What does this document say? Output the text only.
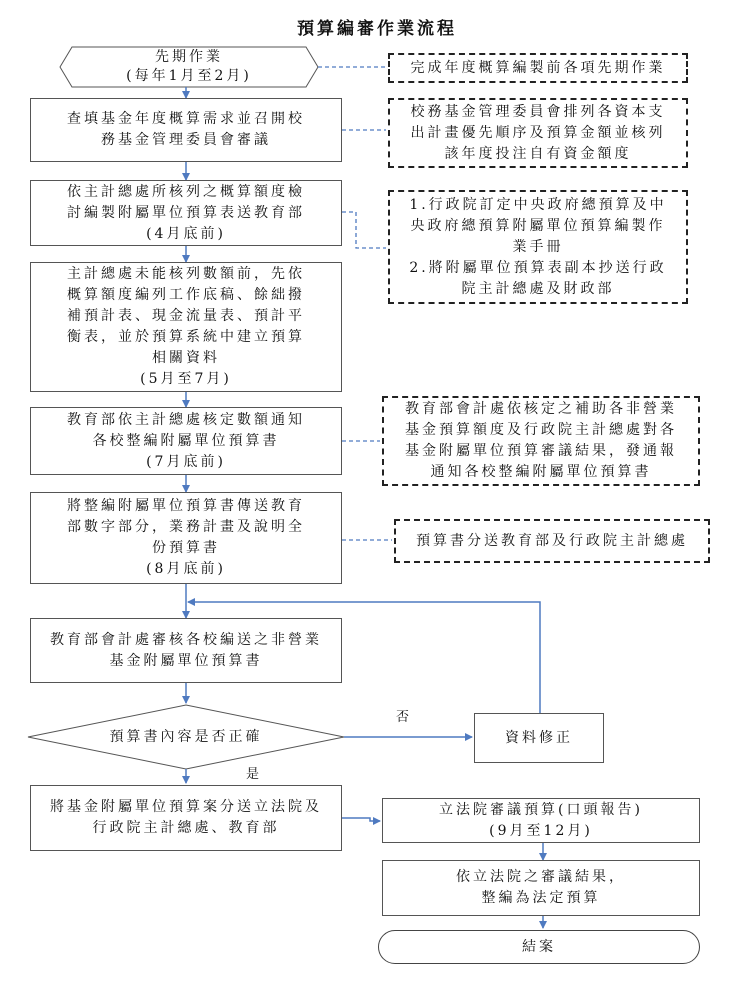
預算編審作業流程
先期作業
(每年1月至2月)
查填基金年度概算需求並召開校
務基金管理委員會審議
依主計總處所核列之概算額度檢
討編製附屬單位預算表送教育部
(4月底前)
主計總處未能核列數額前，先依
概算額度編列工作底稿、餘絀撥
補預計表、現金流量表、預計平
衡表，並於預算系統中建立預算
相關資料
(5月至7月)
教育部依主計總處核定數額通知
各校整編附屬單位預算書
(7月底前)
將整編附屬單位預算書傳送教育
部數字部分，業務計畫及說明全
份預算書
(8月底前)
教育部會計處審核各校編送之非營業
基金附屬單位預算書
預算書內容是否正確	資料修正
將基金附屬單位預算案分送立法院及
行政院主計總處、教育部
立法院審議預算(口頭報告)
(9月至12月)
依立法院之審議結果，
整編為法定預算
結案
完成年度概算編製前各項先期作業
校務基金管理委員會排列各資本支
出計畫優先順序及預算金額並核列
該年度投注自有資金額度
1.行政院訂定中央政府總預算及中
央政府總預算附屬單位預算編製作
業手冊
2.將附屬單位預算表副本抄送行政
院主計總處及財政部
教育部會計處依核定之補助各非營業
基金預算額度及行政院主計總處對各
基金附屬單位預算審議結果，發通報
通知各校整編附屬單位預算書
預算書分送教育部及行政院主計總處
否
是
